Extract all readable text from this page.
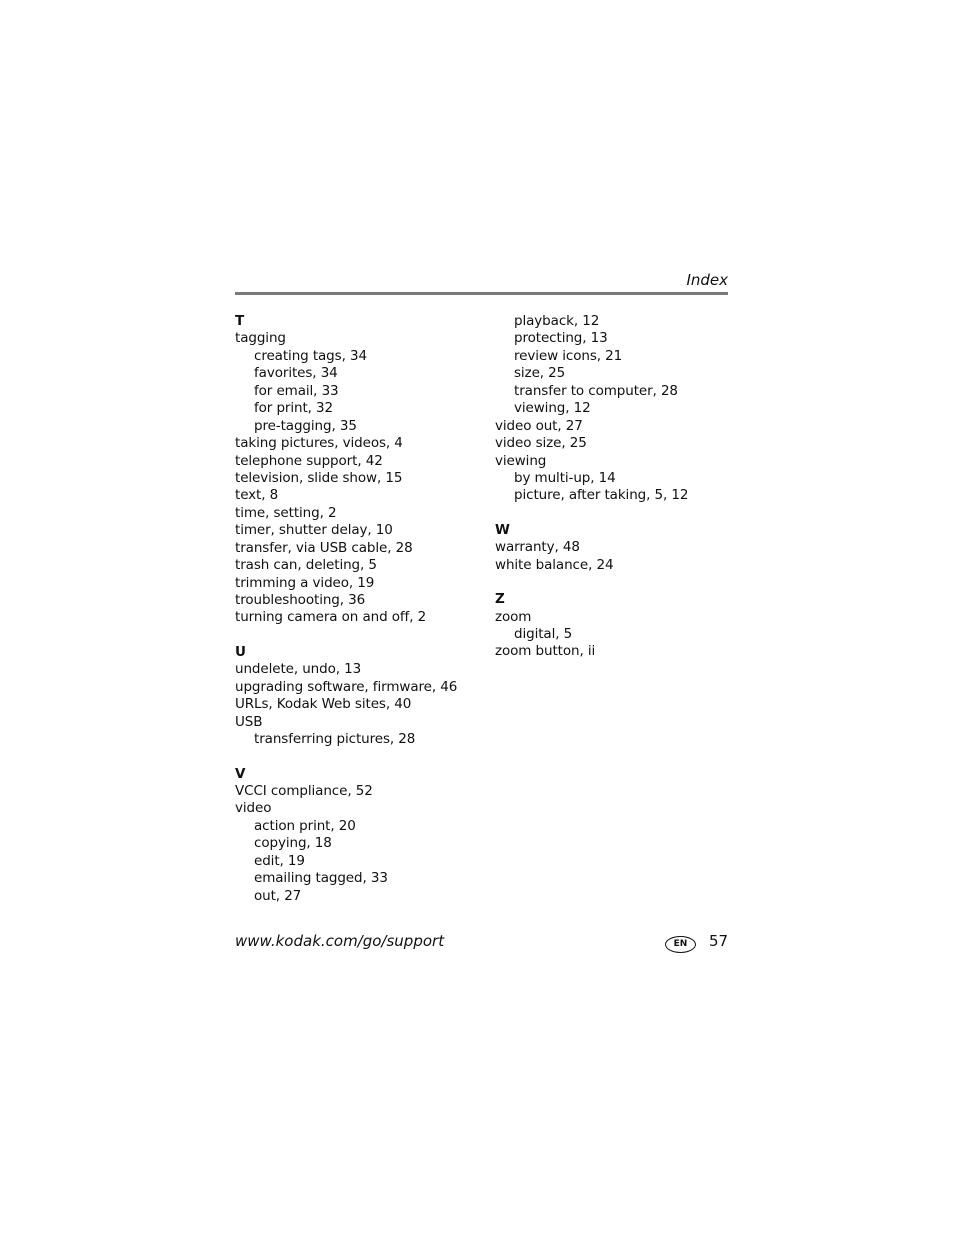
Index
T
tagging
creating tags, 34
favorites, 34
for email, 33
for print, 32
pre-tagging, 35
taking pictures, videos, 4
telephone support, 42
television, slide show, 15
text, 8
time, setting, 2
timer, shutter delay, 10
transfer, via USB cable, 28
trash can, deleting, 5
trimming a video, 19
troubleshooting, 36
turning camera on and off, 2
U
undelete, undo, 13
upgrading software, firmware, 46
URLs, Kodak Web sites, 40
USB
transferring pictures, 28
V
VCCI compliance, 52
video
action print, 20
copying, 18
edit, 19
emailing tagged, 33
out, 27
playback, 12
protecting, 13
review icons, 21
size, 25
transfer to computer, 28
viewing, 12
video out, 27
video size, 25
viewing
by multi-up, 14
picture, after taking, 5, 12
W
warranty, 48
white balance, 24
Z
zoom
digital, 5
zoom button, ii
www.kodak.com/go/support	EN	57
